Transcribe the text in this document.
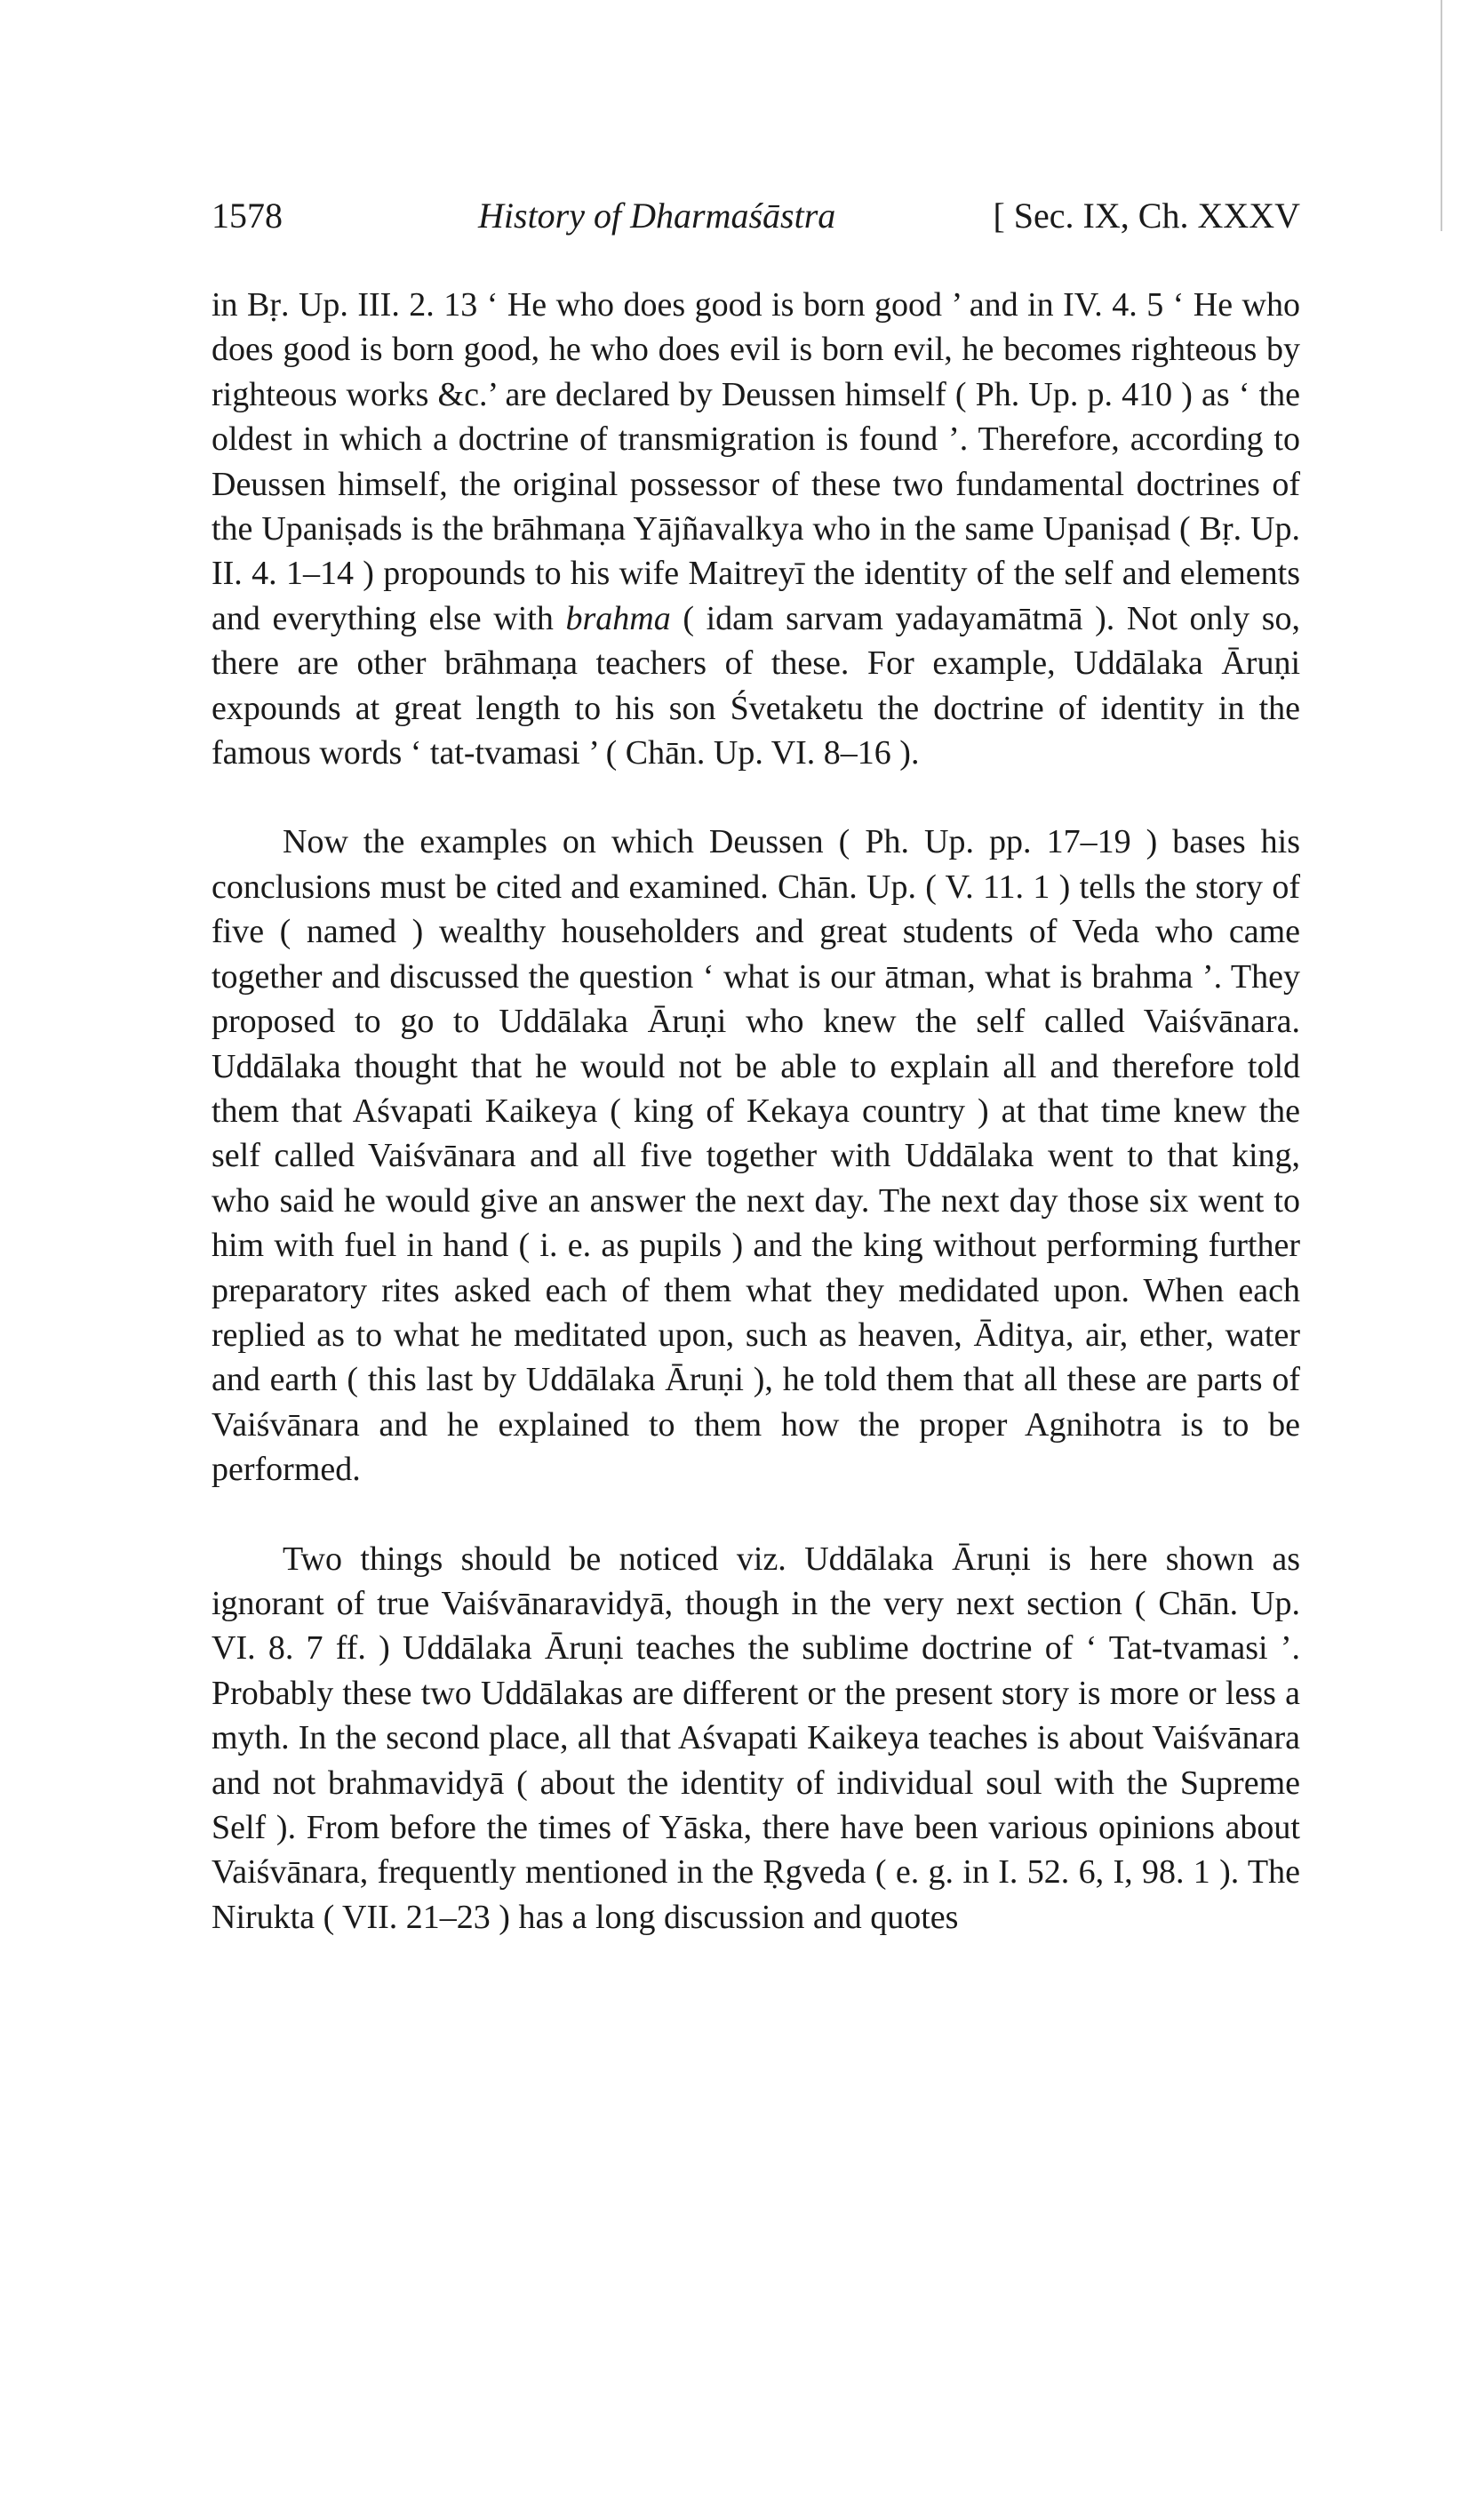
1578	History of Dharmaśāstra	[ Sec. IX, Ch. XXXV

in Bṛ. Up. III. 2. 13 ‘ He who does good is born good ’ and in IV. 4. 5 ‘ He who does good is born good, he who does evil is born evil, he becomes righteous by righteous works &c.’ are declared by Deussen himself ( Ph. Up. p. 410 ) as ‘ the oldest in which a doctrine of transmigration is found ’. Therefore, according to Deussen himself, the original possessor of these two fundamental doctrines of the Upaniṣads is the brāhmaṇa Yājñavalkya who in the same Upaniṣad ( Bṛ. Up. II. 4. 1–14 ) propounds to his wife Maitreyī the identity of the self and elements and everything else with brahma ( idam sarvam yadayamātmā ). Not only so, there are other brāhmaṇa teachers of these. For example, Uddālaka Āruṇi expounds at great length to his son Śvetaketu the doctrine of identity in the famous words ‘ tat-tvamasi ’ ( Chān. Up. VI. 8–16 ).

Now the examples on which Deussen ( Ph. Up. pp. 17–19 ) bases his conclusions must be cited and examined. Chān. Up. ( V. 11. 1 ) tells the story of five ( named ) wealthy householders and great students of Veda who came together and discussed the question ‘ what is our ātman, what is brahma ’. They proposed to go to Uddālaka Āruṇi who knew the self called Vaiśvānara. Uddālaka thought that he would not be able to explain all and therefore told them that Aśvapati Kaikeya ( king of Kekaya country ) at that time knew the self called Vaiśvānara and all five together with Uddālaka went to that king, who said he would give an answer the next day. The next day those six went to him with fuel in hand ( i. e. as pupils ) and the king without performing further preparatory rites asked each of them what they medidated upon. When each replied as to what he meditated upon, such as heaven, Āditya, air, ether, water and earth ( this last by Uddālaka Āruṇi ), he told them that all these are parts of Vaiśvānara and he explained to them how the proper Agnihotra is to be performed.

Two things should be noticed viz. Uddālaka Āruṇi is here shown as ignorant of true Vaiśvānaravidyā, though in the very next section ( Chān. Up. VI. 8. 7 ff. ) Uddālaka Āruṇi teaches the sublime doctrine of ‘ Tat-tvamasi ’. Probably these two Uddālakas are different or the present story is more or less a myth. In the second place, all that Aśvapati Kaikeya teaches is about Vaiśvānara and not brahmavidyā ( about the identity of individual soul with the Supreme Self ). From before the times of Yāska, there have been various opinions about Vaiśvānara, frequently mentioned in the Ṛgveda ( e. g. in I. 52. 6, I, 98. 1 ). The Nirukta ( VII. 21–23 ) has a long discussion and quotes
